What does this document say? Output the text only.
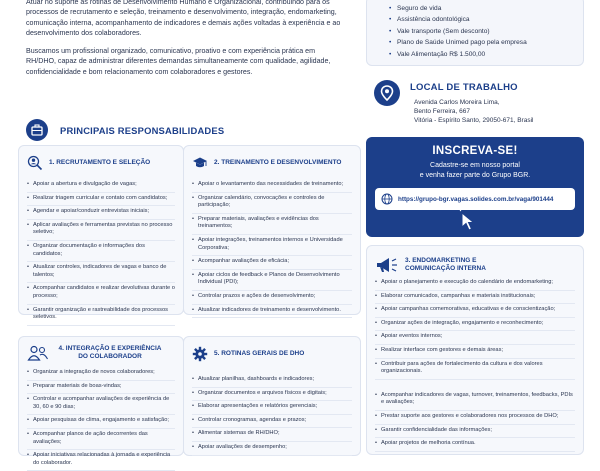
Atuar no suporte às rotinas de Desenvolvimento Humano e Organizacional, contribuindo para os processos de recrutamento e seleção, treinamento e desenvolvimento, integração, endomarketing, comunicação interna, acompanhamento de indicadores e demais ações voltadas à experiência e ao desenvolvimento dos colaboradores.

Buscamos um profissional organizado, comunicativo, proativo e com experiência prática em RH/DHO, capaz de administrar diferentes demandas simultaneamente com qualidade, agilidade, confidencialidade e bom relacionamento com colaboradores e gestores.

• Seguro de vida
• Assistência odontológica
• Vale transporte (Sem desconto)
• Plano de Saúde Unimed pago pela empresa
• Vale Alimentação R$ 1.500,00
LOCAL DE TRABALHO
Avenida Carlos Moreira Lima,
Bento Ferreira, 667
Vitória - Espírito Santo, 29050-671, Brasil
INSCREVA-SE!
Cadastre-se em nosso portal
e venha fazer parte do Grupo BGR.
https://grupo-bgr.vagas.solides.com.br/vaga/901444
PRINCIPAIS RESPONSABILIDADES
1. RECRUTAMENTO E SELEÇÃO
• Apoiar a abertura e divulgação de vagas;
• Realizar triagem curricular e contato com candidatos;
• Agendar e apoiar/conduzir entrevistas iniciais;
• Aplicar avaliações e ferramentas previstas no processo seletivo;
• Organizar documentação e informações dos candidatos;
• Atualizar controles, indicadores de vagas e banco de talentos;
• Acompanhar candidatos e realizar devolutivas durante o processo;
• Garantir organização e rastreabilidade dos processos seletivos.
2. TREINAMENTO E DESENVOLVIMENTO
• Apoiar o levantamento das necessidades de treinamento;
• Organizar calendário, convocações e controles de participação;
• Preparar materiais, avaliações e evidências dos treinamentos;
• Apoiar integrações, treinamentos internos e Universidade Corporativa;
• Acompanhar avaliações de eficácia;
• Apoiar ciclos de feedback e Planos de Desenvolvimento Individual (PDI);
• Controlar prazos e ações de desenvolvimento;
• Atualizar indicadores de treinamento e desenvolvimento.
3. ENDOMARKETING E COMUNICAÇÃO INTERNA
• Apoiar o planejamento e execução do calendário de endomarketing;
• Elaborar comunicados, campanhas e materiais institucionais;
• Apoiar campanhas comemorativas, educativas e de conscientização;
• Organizar ações de integração, engajamento e reconhecimento;
• Apoiar eventos internos;
• Realizar interface com gestores e demais áreas;
• Contribuir para ações de fortalecimento da cultura e dos valores organizacionais.
• Acompanhar indicadores de vagas, turnover, treinamentos, feedbacks, PDIs e avaliações;
• Prestar suporte aos gestores e colaboradores nos processos de DHO;
• Garantir confidencialidade das informações;
• Apoiar projetos de melhoria contínua.
4. INTEGRAÇÃO E EXPERIÊNCIA DO COLABORADOR
• Organizar a integração de novos colaboradores;
• Preparar materiais de boas-vindas;
• Controlar e acompanhar avaliações de experiência de 30, 60 e 90 dias;
• Apoiar pesquisas de clima, engajamento e satisfação;
• Acompanhar planos de ação decorrentes das avaliações;
• Apoiar iniciativas relacionadas à jornada e experiência do colaborador.
5. ROTINAS GERAIS DE DHO
• Atualizar planilhas, dashboards e indicadores;
• Organizar documentos e arquivos físicos e digitais;
• Elaborar apresentações e relatórios gerenciais;
• Controlar cronogramas, agendas e prazos;
• Alimentar sistemas de RH/DHO;
• Apoiar avaliações de desempenho;
